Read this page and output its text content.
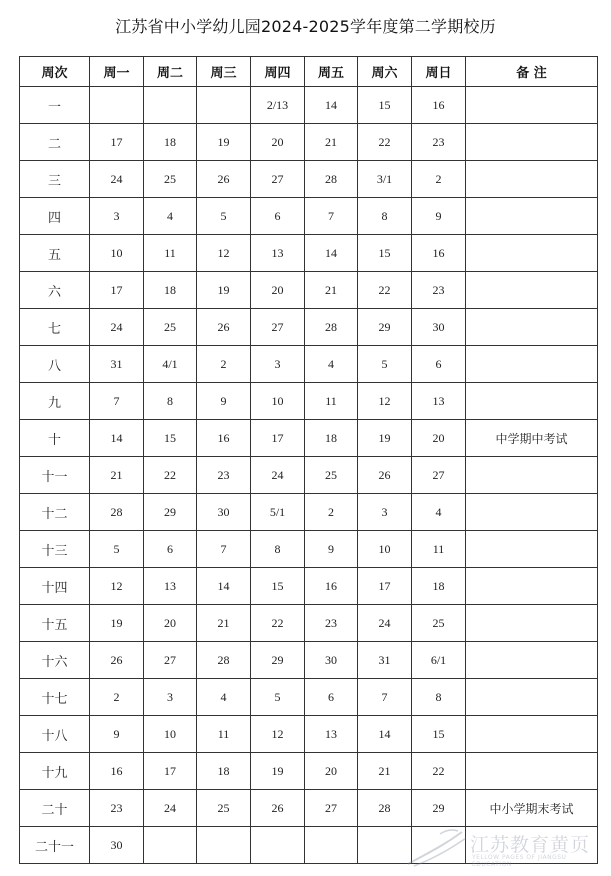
江苏省中小学幼儿园2024-2025学年度第二学期校历
周次	周一	周二	周三	周四	周五	周六	周日	备 注
一				2/13	14	15	16	
二	17	18	19	20	21	22	23	
三	24	25	26	27	28	3/1	2	
四	3	4	5	6	7	8	9	
五	10	11	12	13	14	15	16	
六	17	18	19	20	21	22	23	
七	24	25	26	27	28	29	30	
八	31	4/1	2	3	4	5	6	
九	7	8	9	10	11	12	13	
十	14	15	16	17	18	19	20	中学期中考试
十一	21	22	23	24	25	26	27	
十二	28	29	30	5/1	2	3	4	
十三	5	6	7	8	9	10	11	
十四	12	13	14	15	16	17	18	
十五	19	20	21	22	23	24	25	
十六	26	27	28	29	30	31	6/1	
十七	2	3	4	5	6	7	8	
十八	9	10	11	12	13	14	15	
十九	16	17	18	19	20	21	22	
二十	23	24	25	26	27	28	29	中小学期末考试
二十一	30								江苏教育黄页
YELLOW PAGES OF JIANGSU EDUCATION
